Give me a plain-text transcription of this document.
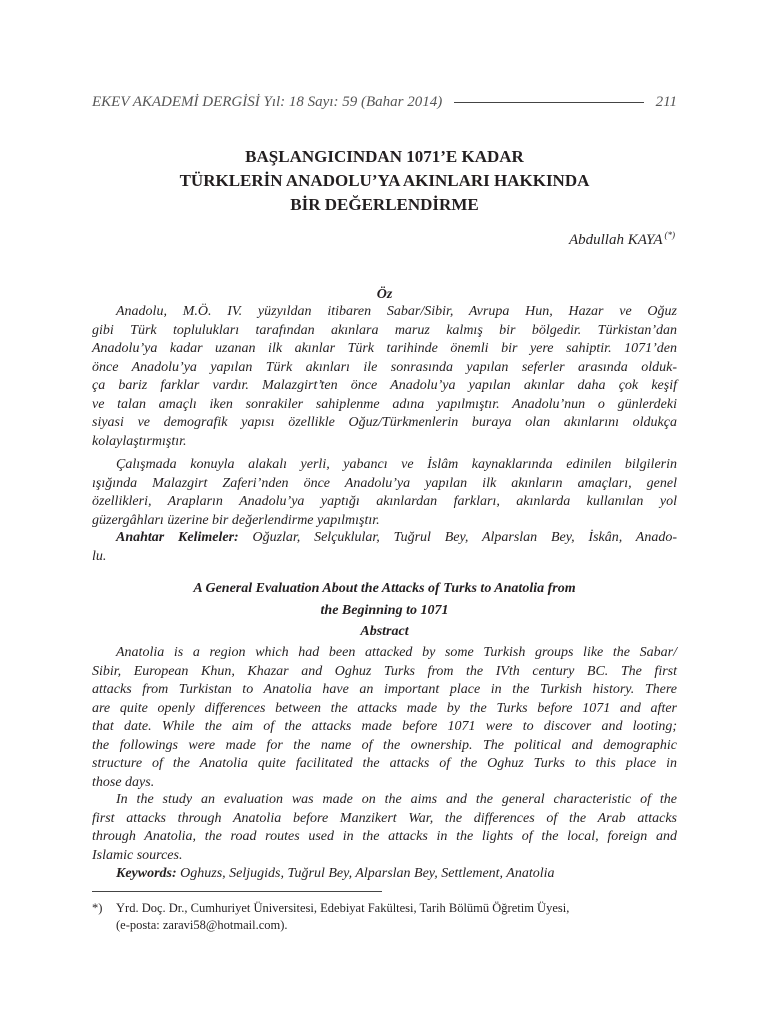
EKEV AKADEMİ DERGİSİ Yıl: 18 Sayı: 59 (Bahar 2014)	211
BAŞLANGICINDAN 1071’E KADAR
TÜRKLERİN ANADOLU’YA AKINLARI HAKKINDA
BİR DEĞERLENDİRME
Abdullah KAYA (*)
Öz
Anadolu, M.Ö. IV. yüzyıldan itibaren Sabar/Sibir, Avrupa Hun, Hazar ve Oğuz
gibi Türk toplulukları tarafından akınlara maruz kalmış bir bölgedir. Türkistan’dan
Anadolu’ya kadar uzanan ilk akınlar Türk tarihinde önemli bir yere sahiptir. 1071’den
önce Anadolu’ya yapılan Türk akınları ile sonrasında yapılan seferler arasında olduk-
ça bariz farklar vardır. Malazgirt’ten önce Anadolu’ya yapılan akınlar daha çok keşif
ve talan amaçlı iken sonrakiler sahiplenme adına yapılmıştır. Anadolu’nun o günlerdeki
siyasi ve demografik yapısı özellikle Oğuz/Türkmenlerin buraya olan akınlarını oldukça
kolaylaştırmıştır.
Çalışmada konuyla alakalı yerli, yabancı ve İslâm kaynaklarında edinilen bilgilerin
ışığında Malazgirt Zaferi’nden önce Anadolu’ya yapılan ilk akınların amaçları, genel
özellikleri, Arapların Anadolu’ya yaptığı akınlardan farkları, akınlarda kullanılan yol
güzergâhları üzerine bir değerlendirme yapılmıştır.
Anahtar Kelimeler: Oğuzlar, Selçuklular, Tuğrul Bey, Alparslan Bey, İskân, Anado-
lu.
A General Evaluation About the Attacks of Turks to Anatolia from
the Beginning to 1071
Abstract
Anatolia is a region which had been attacked by some Turkish groups like the Sabar/
Sibir, European Khun, Khazar and Oghuz Turks from the IVth century BC. The first
attacks from Turkistan to Anatolia have an important place in the Turkish history. There
are quite openly differences between the attacks made by the Turks before 1071 and after
that date. While the aim of the attacks made before 1071 were to discover and looting;
the followings were made for the name of the ownership. The political and demographic
structure of the Anatolia quite facilitated the attacks of the Oghuz Turks to this place in
those days.
In the study an evaluation was made on the aims and the general characteristic of the
first attacks through Anatolia before Manzikert War, the differences of the Arab attacks
through Anatolia, the road routes used in the attacks in the lights of the local, foreign and
Islamic sources.
Keywords: Oghuzs, Seljugids, Tuğrul Bey, Alparslan Bey, Settlement, Anatolia
*)	Yrd. Doç. Dr., Cumhuriyet Üniversitesi, Edebiyat Fakültesi, Tarih Bölümü Öğretim Üyesi,
(e-posta: zaravi58@hotmail.com).
